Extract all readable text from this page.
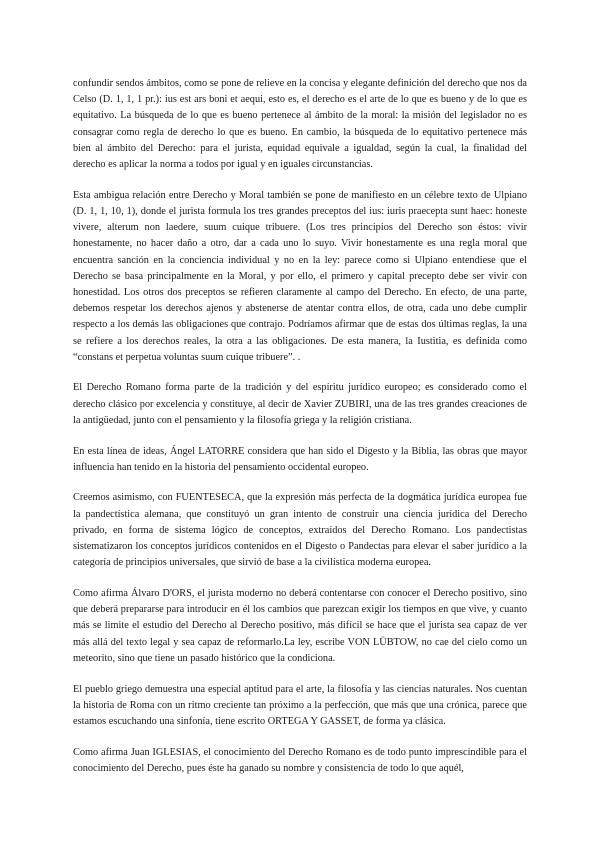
confundir sendos ámbitos, como se pone de relieve en la concisa y elegante definición del derecho que nos da Celso (D. 1, 1, 1 pr.): ius est ars boni et aequi, esto es, el derecho es el arte de lo que es bueno y de lo que es equitativo. La búsqueda de lo que es bueno pertenece al ámbito de la moral: la misión del legislador no es consagrar como regla de derecho lo que es bueno. En cambio, la búsqueda de lo equitativo pertenece más bien al ámbito del Derecho: para el jurista, equidad equivale a igualdad, según la cual, la finalidad del derecho es aplicar la norma a todos por igual y en iguales circunstancias.

Esta ambigua relación entre Derecho y Moral también se pone de manifiesto en un célebre texto de Ulpiano (D. 1, 1, 10, 1), donde el jurista formula los tres grandes preceptos del ius: iuris praecepta sunt haec: honeste vivere, alterum non laedere, suum cuique tribuere. (Los tres principios del Derecho son éstos: vivir honestamente, no hacer daño a otro, dar a cada uno lo suyo. Vivir honestamente es una regla moral que encuentra sanción en la conciencia individual y no en la ley: parece como si Ulpiano entendiese que el Derecho se basa principalmente en la Moral, y por ello, el primero y capital precepto debe ser vivir con honestidad. Los otros dos preceptos se refieren claramente al campo del Derecho. En efecto, de una parte, debemos respetar los derechos ajenos y abstenerse de atentar contra ellos, de otra, cada uno debe cumplir respecto a los demás las obligaciones que contrajo. Podríamos afirmar que de estas dos últimas reglas, la una se refiere a los derechos reales, la otra a las obligaciones. De esta manera, la Iustitia, es definida como “constans et perpetua voluntas suum cuique tribuere”. .

El Derecho Romano forma parte de la tradición y del espíritu jurídico europeo; es considerado como el derecho clásico por excelencia y constituye, al decir de Xavier ZUBIRI, una de las tres grandes creaciones de la antigüedad, junto con el pensamiento y la filosofía griega y la religión cristiana.

En esta línea de ideas, Ángel LATORRE considera que han sido el Digesto y la Biblia, las obras que mayor influencia han tenido en la historia del pensamiento occidental europeo.

Creemos asimismo, con FUENTESECA, que la expresión más perfecta de la dogmática jurídica europea fue la pandectística alemana, que constituyó un gran intento de construir una ciencia jurídica del Derecho privado, en forma de sistema lógico de conceptos, extraídos del Derecho Romano. Los pandectistas sistematizaron los conceptos jurídicos contenidos en el Digesto o Pandectas para elevar el saber jurídico a la categoría de principios universales, que sirvió de base a la civilística moderna europea.

Como afirma Álvaro D'ORS, el jurista moderno no deberá contentarse con conocer el Derecho positivo, sino que deberá prepararse para introducir en él los cambios que parezcan exigir los tiempos en que vive, y cuanto más se limite el estudio del Derecho al Derecho positivo, más difícil se hace que el jurista sea capaz de ver más allá del texto legal y sea capaz de reformarlo.La ley, escribe VON LÜBTOW, no cae del cielo como un meteorito, sino que tiene un pasado histórico que la condiciona.

El pueblo griego demuestra una especial aptitud para el arte, la filosofía y las ciencias naturales. Nos cuentan la historia de Roma con un ritmo creciente tan próximo a la perfección, que más que una crónica, parece que estamos escuchando una sinfonía, tiene escrito ORTEGA Y GASSET, de forma ya clásica.

Como afirma Juan IGLESIAS, el conocimiento del Derecho Romano es de todo punto imprescindible para el conocimiento del Derecho, pues éste ha ganado su nombre y consistencia de todo lo que aquél,
